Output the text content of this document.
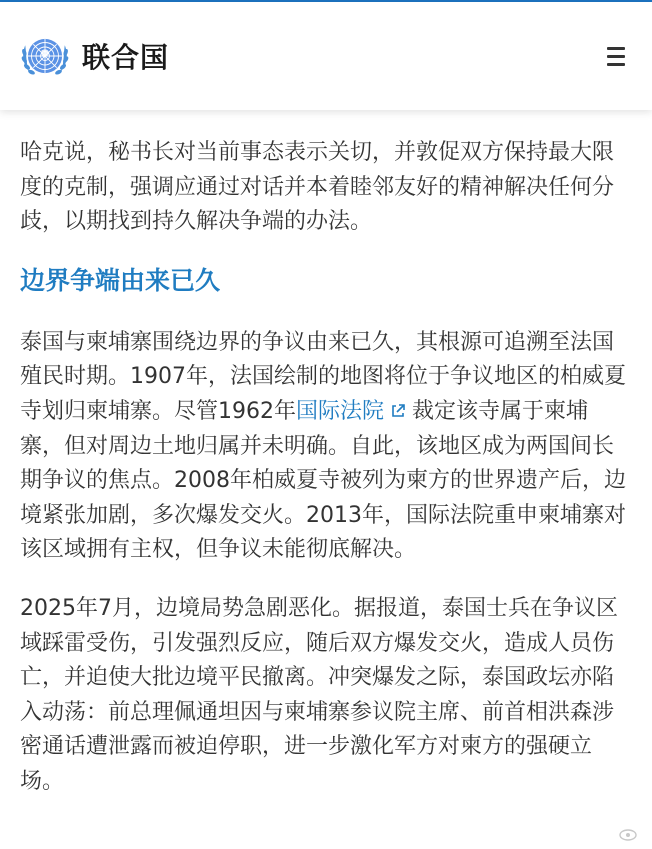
联合国

哈克说，秘书长对当前事态表示关切，并敦促双方保持最大限度的克制，强调应通过对话并本着睦邻友好的精神解决任何分歧，以期找到持久解决争端的办法。

边界争端由来已久

泰国与柬埔寨围绕边界的争议由来已久，其根源可追溯至法国殖民时期。1907年，法国绘制的地图将位于争议地区的柏威夏寺划归柬埔寨。尽管1962年国际法院 裁定该寺属于柬埔寨，但对周边土地归属并未明确。自此，该地区成为两国间长期争议的焦点。2008年柏威夏寺被列为柬方的世界遗产后，边境紧张加剧，多次爆发交火。2013年，国际法院重申柬埔寨对该区域拥有主权，但争议未能彻底解决。

2025年7月，边境局势急剧恶化。据报道，泰国士兵在争议区域踩雷受伤，引发强烈反应，随后双方爆发交火，造成人员伤亡，并迫使大批边境平民撤离。冲突爆发之际，泰国政坛亦陷入动荡：前总理佩通坦因与柬埔寨参议院主席、前首相洪森涉密通话遭泄露而被迫停职，进一步激化军方对柬方的强硬立场。
